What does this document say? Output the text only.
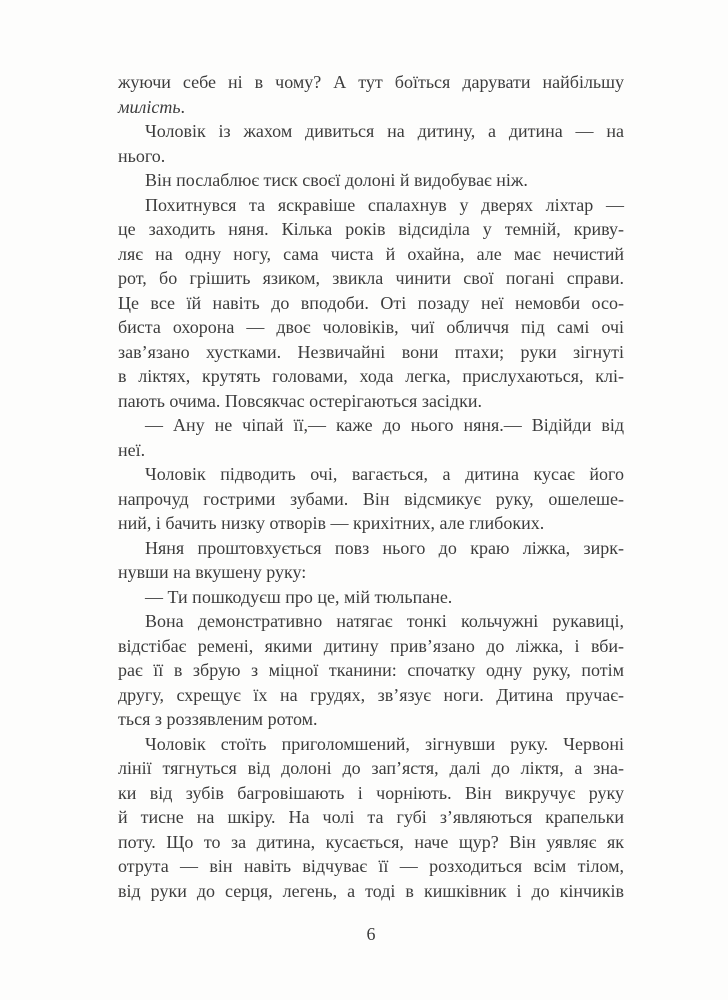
жуючи себе ні в чому? А тут боїться дарувати найбільшу
милість.
Чоловік із жахом дивиться на дитину, а дитина — на
нього.
Він послаблює тиск своєї долоні й видобуває ніж.
Похитнувся та яскравіше спалахнув у дверях ліхтар —
це заходить няня. Кілька років відсиділа у темній, криву-
ляє на одну ногу, сама чиста й охайна, але має нечистий
рот, бо грішить язиком, звикла чинити свої погані справи.
Це все їй навіть до вподоби. Оті позаду неї немовби осо-
биста охорона — двоє чоловіків, чиї обличчя під самі очі
зав’язано хустками. Незвичайні вони птахи; руки зігнуті
в ліктях, крутять головами, хода легка, прислухаються, клі-
пають очима. Повсякчас остерігаються засідки.
— Ану не чіпай її,— каже до нього няня.— Відійди від
неї.
Чоловік підводить очі, вагається, а дитина кусає його
напрочуд гострими зубами. Він відсмикує руку, ошелеше-
ний, і бачить низку отворів — крихітних, але глибоких.
Няня проштовхується повз нього до краю ліжка, зирк-
нувши на вкушену руку:
— Ти пошкодуєш про це, мій тюльпане.
Вона демонстративно натягає тонкі кольчужні рукавиці,
відстібає ремені, якими дитину прив’язано до ліжка, і вби-
рає її в збрую з міцної тканини: спочатку одну руку, потім
другу, схрещує їх на грудях, зв’язує ноги. Дитина пручає-
ться з роззявленим ротом.
Чоловік стоїть приголомшений, зігнувши руку. Червоні
лінії тягнуться від долоні до зап’ястя, далі до ліктя, а зна-
ки від зубів багровішають і чорніють. Він викручує руку
й тисне на шкіру. На чолі та губі з’являються крапельки
поту. Що то за дитина, кусається, наче щур? Він уявляє як
отрута — він навіть відчуває її — розходиться всім тілом,
від руки до серця, легень, а тоді в кишківник і до кінчиків
6
